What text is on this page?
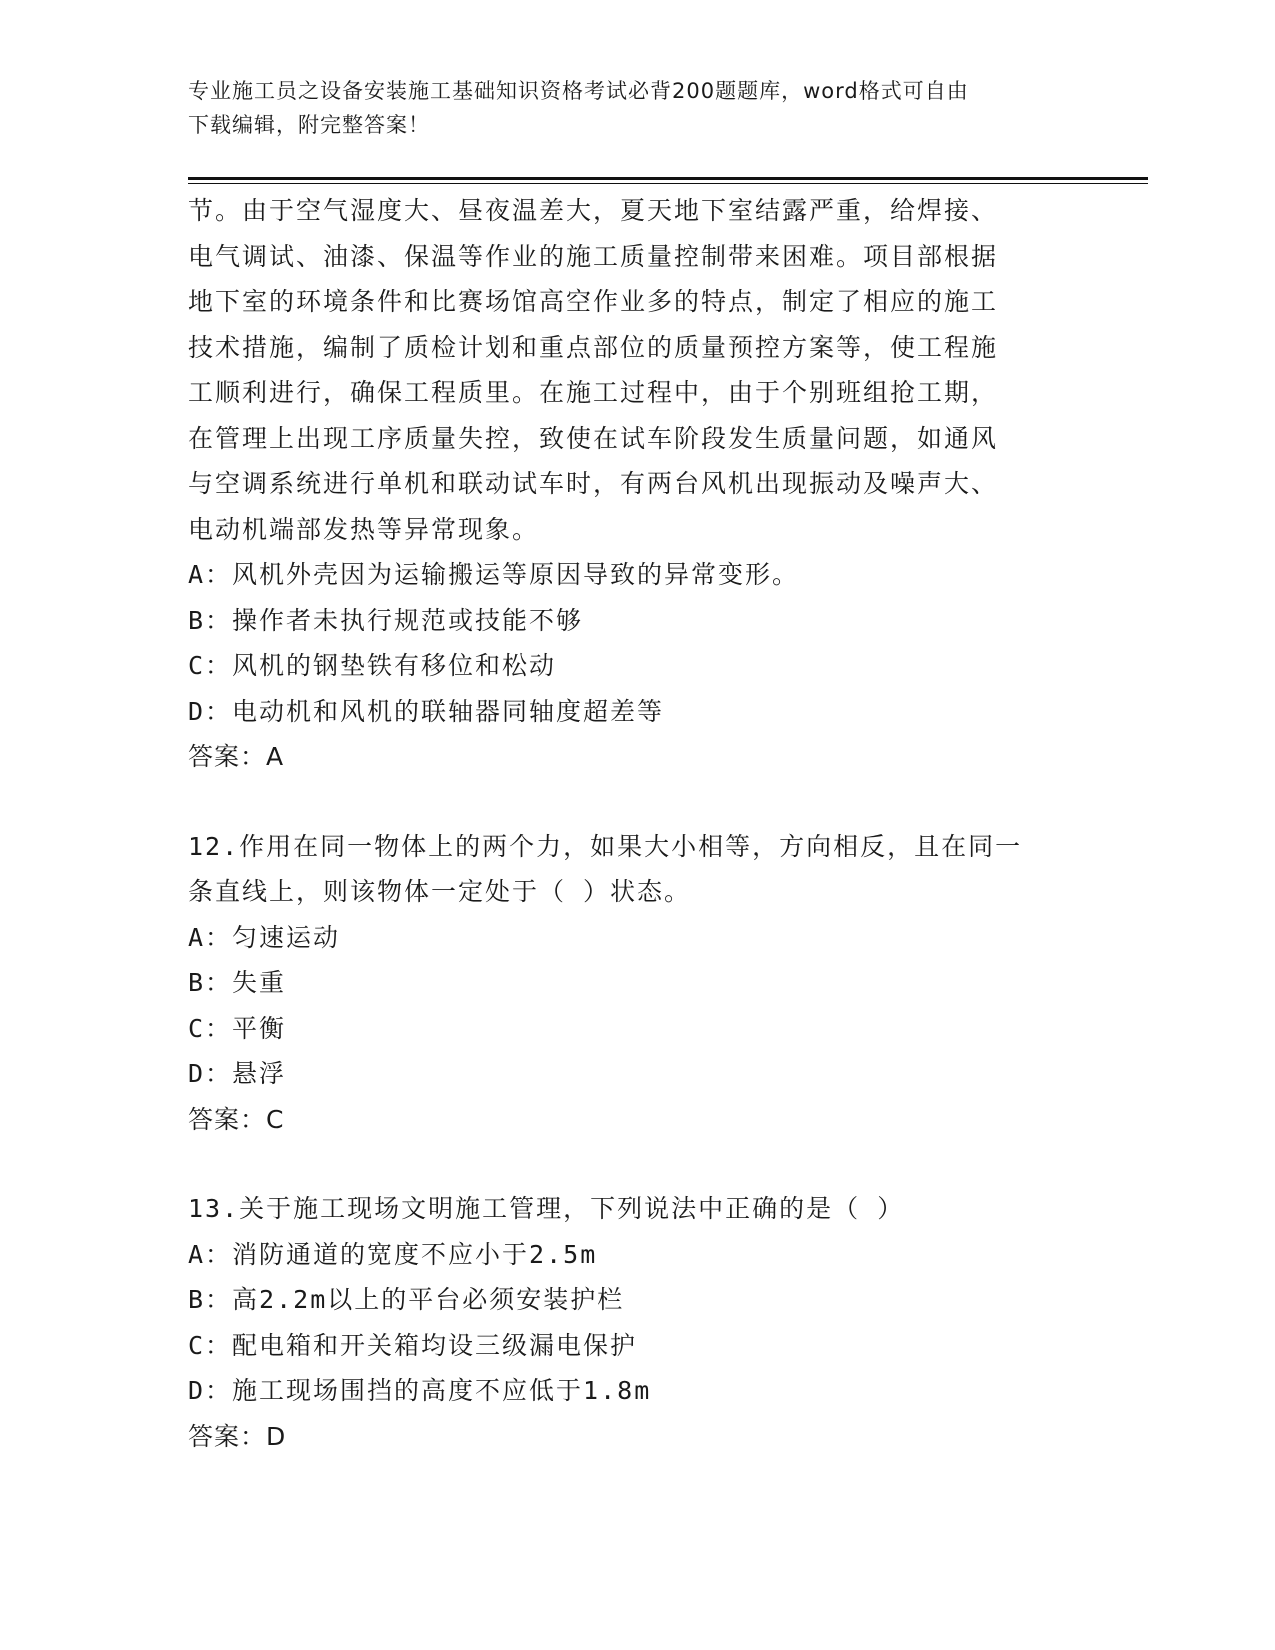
专业施工员之设备安装施工基础知识资格考试必背200题题库，word格式可自由
下载编辑，附完整答案！
节。由于空气湿度大、昼夜温差大，夏天地下室结露严重，给焊接、
电气调试、油漆、保温等作业的施工质量控制带来困难。项目部根据
地下室的环境条件和比赛场馆高空作业多的特点，制定了相应的施工
技术措施，编制了质检计划和重点部位的质量预控方案等，使工程施
工顺利进行，确保工程质里。在施工过程中，由于个别班组抢工期，
在管理上出现工序质量失控，致使在试车阶段发生质量问题，如通风
与空调系统进行单机和联动试车时，有两台风机出现振动及噪声大、
电动机端部发热等异常现象。
A：风机外壳因为运输搬运等原因导致的异常变形。
B：操作者未执行规范或技能不够
C：风机的钢垫铁有移位和松动
D：电动机和风机的联轴器同轴度超差等
答案：A
12.作用在同一物体上的两个力，如果大小相等，方向相反，且在同一
条直线上，则该物体一定处于（ ）状态。
A：匀速运动
B：失重
C：平衡
D：悬浮
答案：C
13.关于施工现场文明施工管理，下列说法中正确的是（ ）
A：消防通道的宽度不应小于2.5m
B：高2.2m以上的平台必须安装护栏
C：配电箱和开关箱均设三级漏电保护
D：施工现场围挡的高度不应低于1.8m
答案：D
